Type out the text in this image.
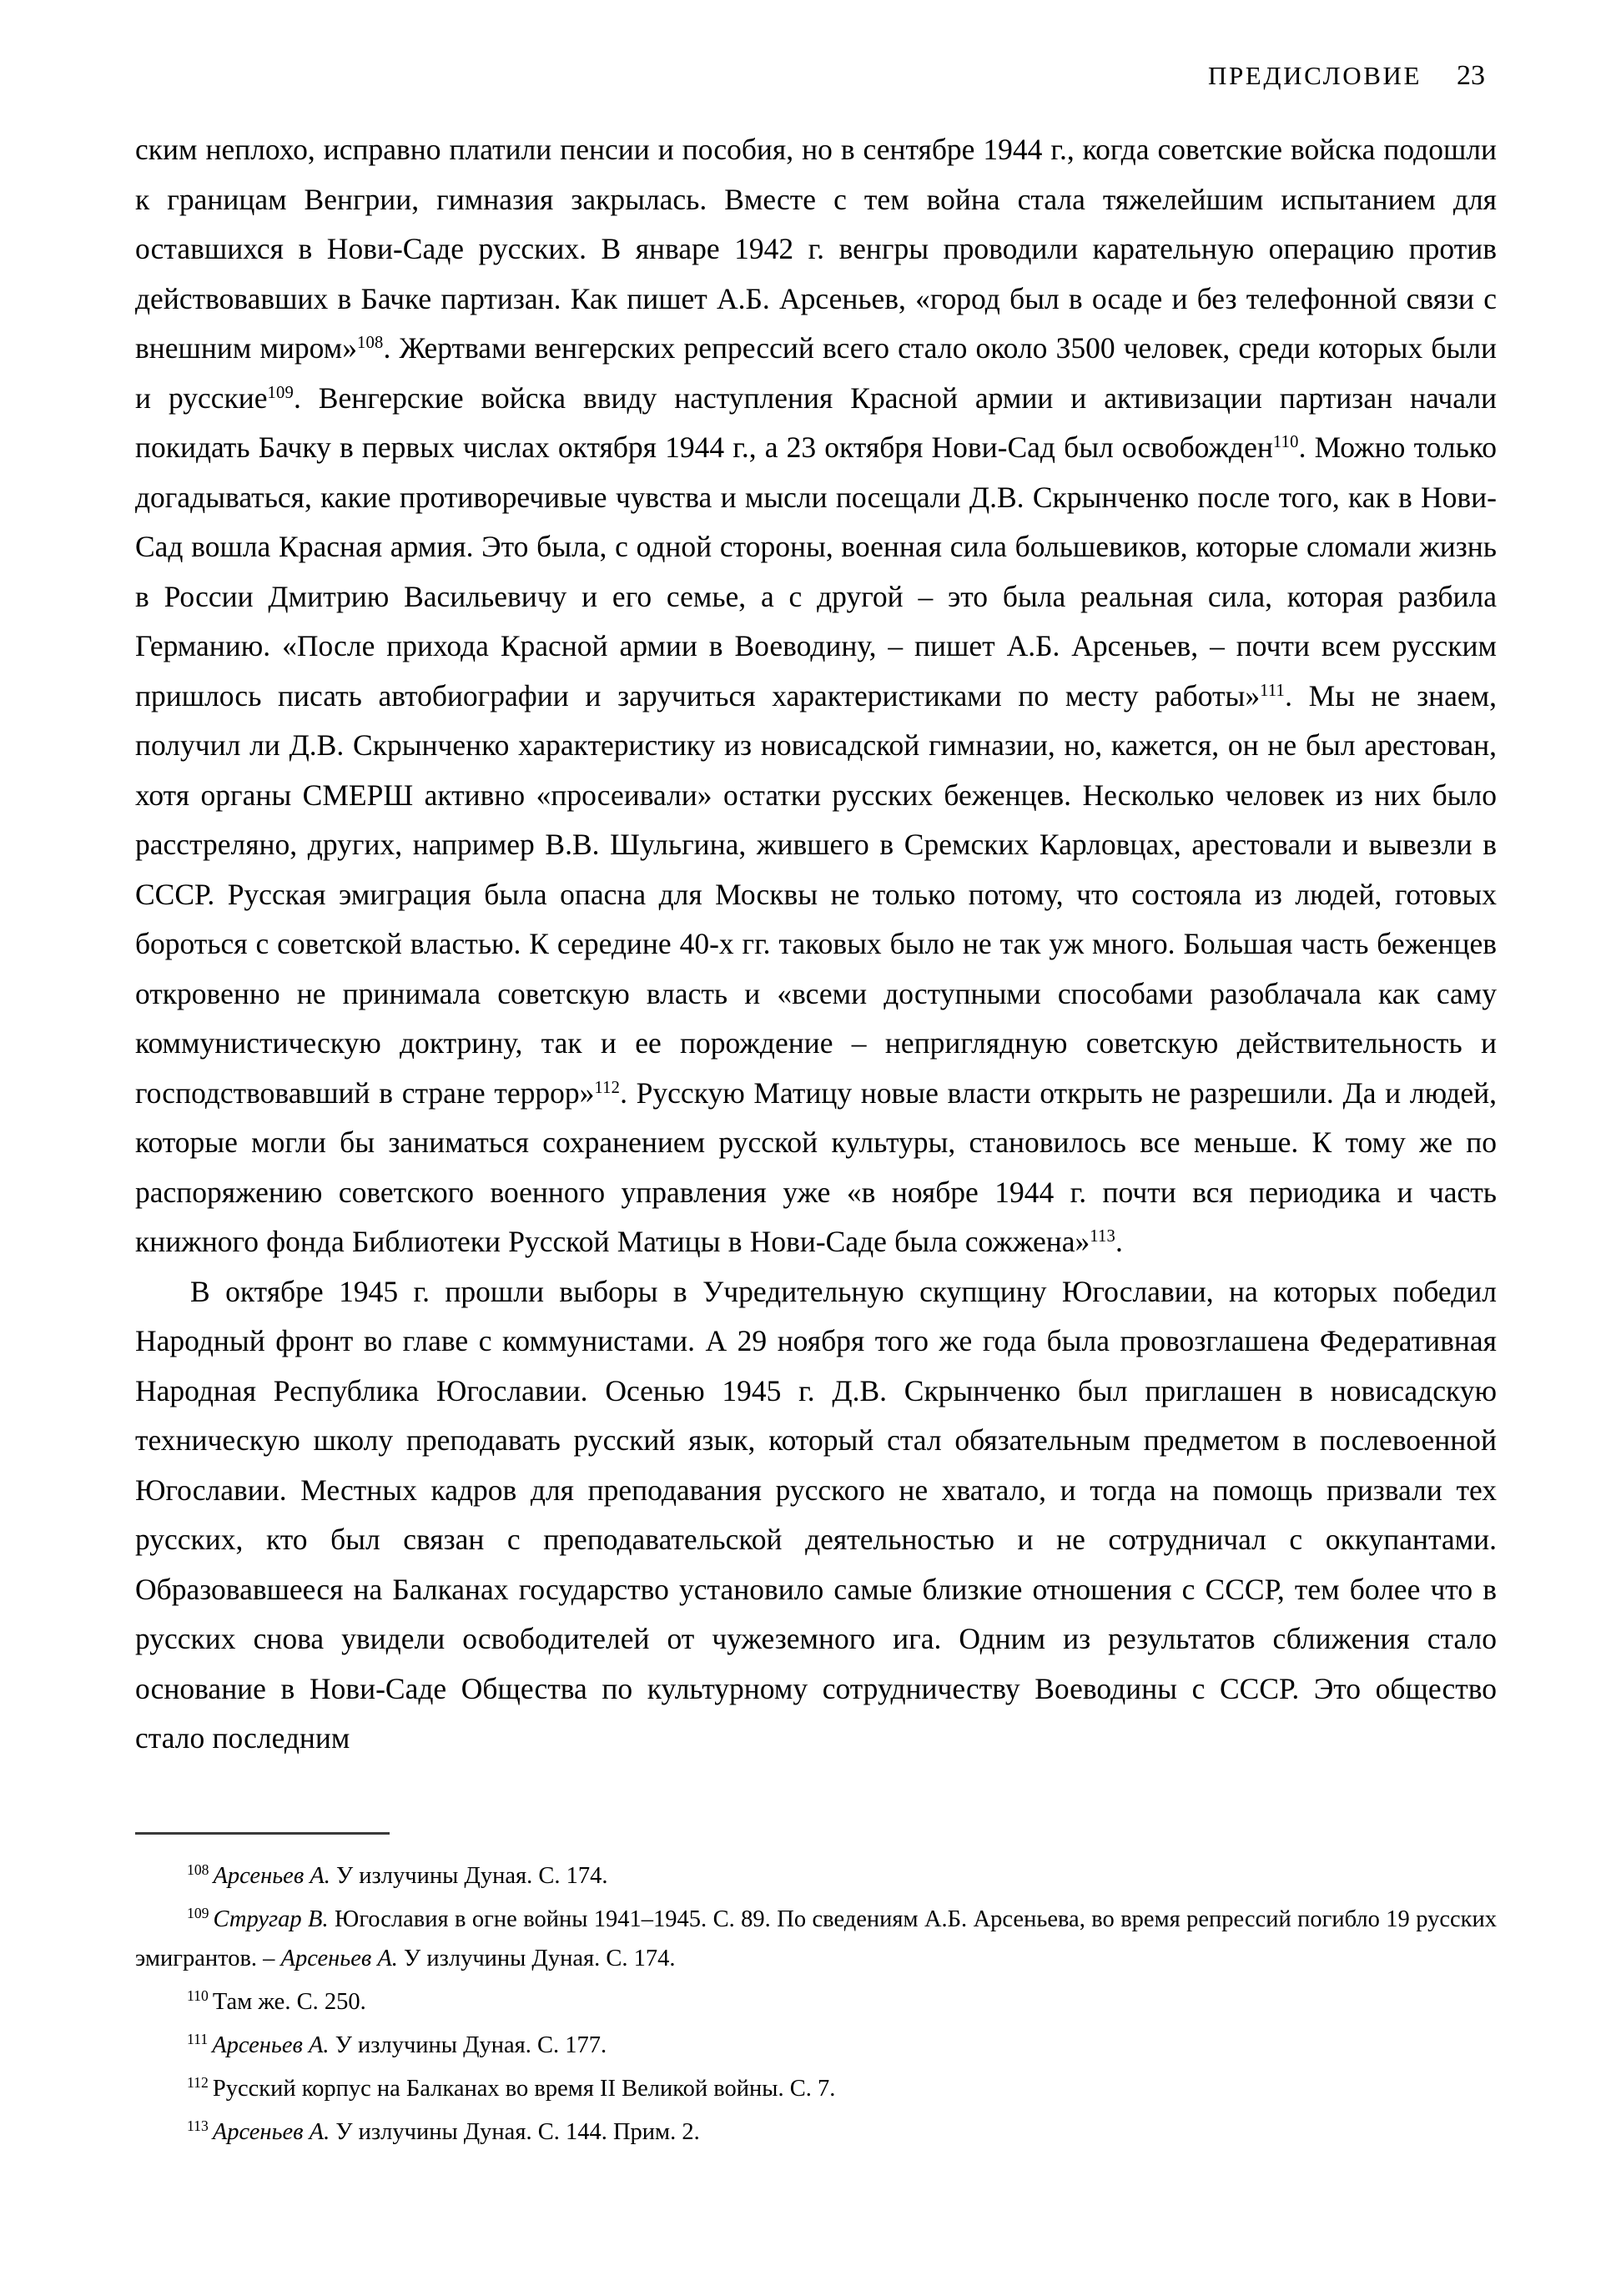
ПРЕДИСЛОВИЕ 23

ским неплохо, исправно платили пенсии и пособия, но в сентябре 1944 г., когда советские войска подошли к границам Венгрии, гимназия закрылась. Вместе с тем война стала тяжелейшим испытанием для оставшихся в Нови-Саде русских. В январе 1942 г. венгры проводили карательную операцию против действовавших в Бачке партизан. Как пишет А.Б. Арсеньев, «город был в осаде и без телефонной связи с внешним миром»$^{108}$. Жертвами венгерских репрессий всего стало около 3500 человек, среди которых были и русские$^{109}$. Венгерские войска ввиду наступления Красной армии и активизации партизан начали покидать Бачку в первых числах октября 1944 г., а 23 октября Нови-Сад был освобожден$^{110}$. Можно только догадываться, какие противоречивые чувства и мысли посещали Д.В. Скрынченко после того, как в Нови-Сад вошла Красная армия. Это была, с одной стороны, военная сила большевиков, которые сломали жизнь в России Дмитрию Васильевичу и его семье, а с другой – это была реальная сила, которая разбила Германию. «После прихода Красной армии в Воеводину, – пишет А.Б. Арсеньев, – почти всем русским пришлось писать автобиографии и заручиться характеристиками по месту работы»$^{111}$. Мы не знаем, получил ли Д.В. Скрынченко характеристику из новисадской гимназии, но, кажется, он не был арестован, хотя органы СМЕРШ активно «просеивали» остатки русских беженцев. Несколько человек из них было расстреляно, других, например В.В. Шульгина, жившего в Сремских Карловцах, арестовали и вывезли в СССР. Русская эмиграция была опасна для Москвы не только потому, что состояла из людей, готовых бороться с советской властью. К середине 40-х гг. таковых было не так уж много. Большая часть беженцев откровенно не принимала советскую власть и «всеми доступными способами разоблачала как саму коммунистическую доктрину, так и ее порождение – неприглядную советскую действительность и господствовавший в стране террор»$^{112}$. Русскую Матицу новые власти открыть не разрешили. Да и людей, которые могли бы заниматься сохранением русской культуры, становилось все меньше. К тому же по распоряжению советского военного управления уже «в ноябре 1944 г. почти вся периодика и часть книжного фонда Библиотеки Русской Матицы в Нови-Саде была сожжена»$^{113}$.

В октябре 1945 г. прошли выборы в Учредительную скупщину Югославии, на которых победил Народный фронт во главе с коммунистами. А 29 ноября того же года была провозглашена Федеративная Народная Республика Югославии. Осенью 1945 г. Д.В. Скрынченко был приглашен в новисадскую техническую школу преподавать русский язык, который стал обязательным предметом в послевоенной Югославии. Местных кадров для преподавания русского не хватало, и тогда на помощь призвали тех русских, кто был связан с преподавательской деятельностью и не сотрудничал с оккупантами. Образовавшееся на Балканах государство установило самые близкие отношения с СССР, тем более что в русских снова увидели освободителей от чужеземного ига. Одним из результатов сближения стало основание в Нови-Саде Общества по культурному сотрудничеству Воеводины с СССР. Это общество стало последним

$^{108}$ Арсеньев А. У излучины Дуная. С. 174.

$^{109}$ Стругар В. Югославия в огне войны 1941–1945. С. 89. По сведениям А.Б. Арсеньева, во время репрессий погибло 19 русских эмигрантов. – Арсеньев А. У излучины Дуная. С. 174.

$^{110}$ Там же. С. 250.

$^{111}$ Арсеньев А. У излучины Дуная. С. 177.

$^{112}$ Русский корпус на Балканах во время II Великой войны. С. 7.

$^{113}$ Арсеньев А. У излучины Дуная. С. 144. Прим. 2.
